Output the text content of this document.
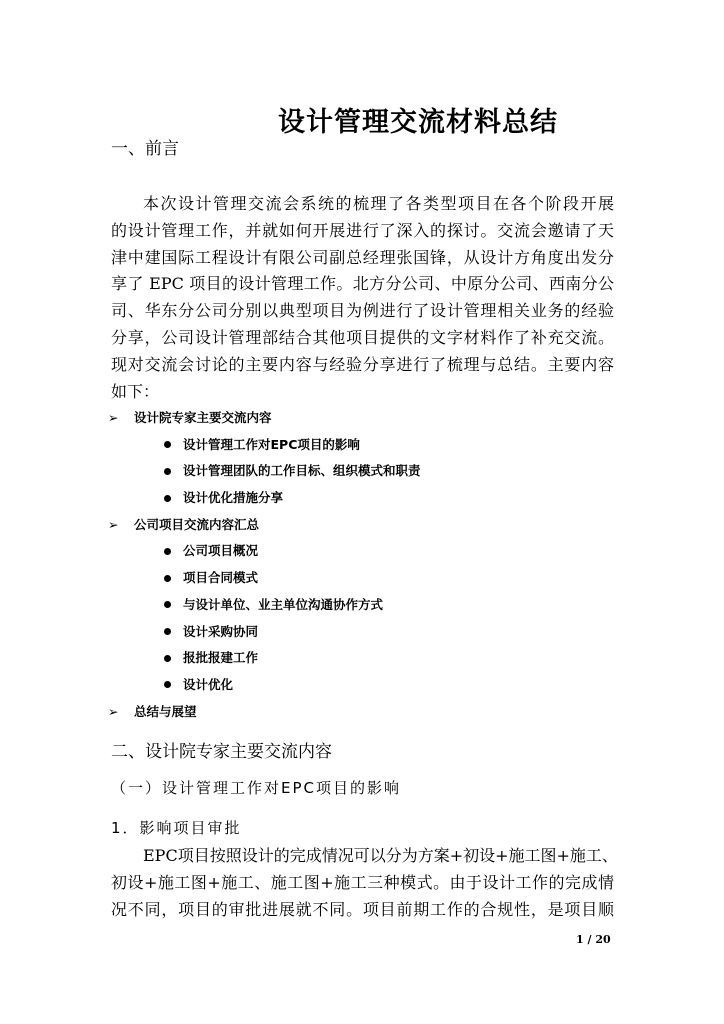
设计管理交流材料总结
一、前言
本次设计管理交流会系统的梳理了各类型项目在各个阶段开展
的设计管理工作，并就如何开展进行了深入的探讨。交流会邀请了天
津中建国际工程设计有限公司副总经理张国锋，从设计方角度出发分
享了 EPC 项目的设计管理工作。北方分公司、中原分公司、西南分公
司、华东分公司分别以典型项目为例进行了设计管理相关业务的经验
分享，公司设计管理部结合其他项目提供的文字材料作了补充交流。
现对交流会讨论的主要内容与经验分享进行了梳理与总结。主要内容
如下：
➢ 设计院专家主要交流内容
设计管理工作对EPC项目的影响
设计管理团队的工作目标、组织模式和职责
设计优化措施分享
➢ 公司项目交流内容汇总
公司项目概况
项目合同模式
与设计单位、业主单位沟通协作方式
设计采购协同
报批报建工作
设计优化
➢ 总结与展望
二、设计院专家主要交流内容
（一）设计管理工作对EPC项目的影响
1．影响项目审批
EPC项目按照设计的完成情况可以分为方案+初设+施工图+施工、
初设+施工图+施工、施工图+施工三种模式。由于设计工作的完成情
况不同，项目的审批进展就不同。项目前期工作的合规性，是项目顺
1 / 20
